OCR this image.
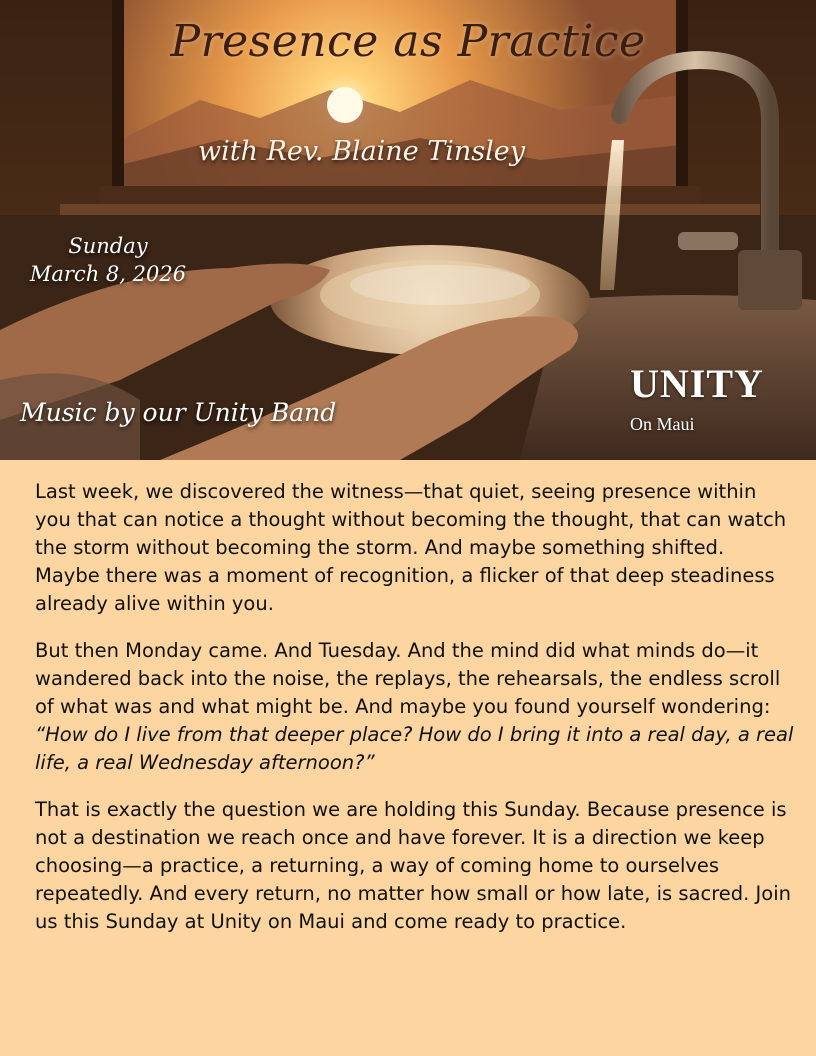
Presence as Practice
with Rev. Blaine Tinsley
Sunday
March 8, 2026
Music by our Unity Band
UNITY
On Maui

Last week, we discovered the witness—that quiet, seeing presence within you that can notice a thought without becoming the thought, that can watch the storm without becoming the storm. And maybe something shifted. Maybe there was a moment of recognition, a flicker of that deep steadiness already alive within you.

But then Monday came. And Tuesday. And the mind did what minds do—it wandered back into the noise, the replays, the rehearsals, the endless scroll of what was and what might be. And maybe you found yourself wondering: “How do I live from that deeper place? How do I bring it into a real day, a real life, a real Wednesday afternoon?”

That is exactly the question we are holding this Sunday. Because presence is not a destination we reach once and have forever. It is a direction we keep choosing—a practice, a returning, a way of coming home to ourselves repeatedly. And every return, no matter how small or how late, is sacred. Join us this Sunday at Unity on Maui and come ready to practice.
